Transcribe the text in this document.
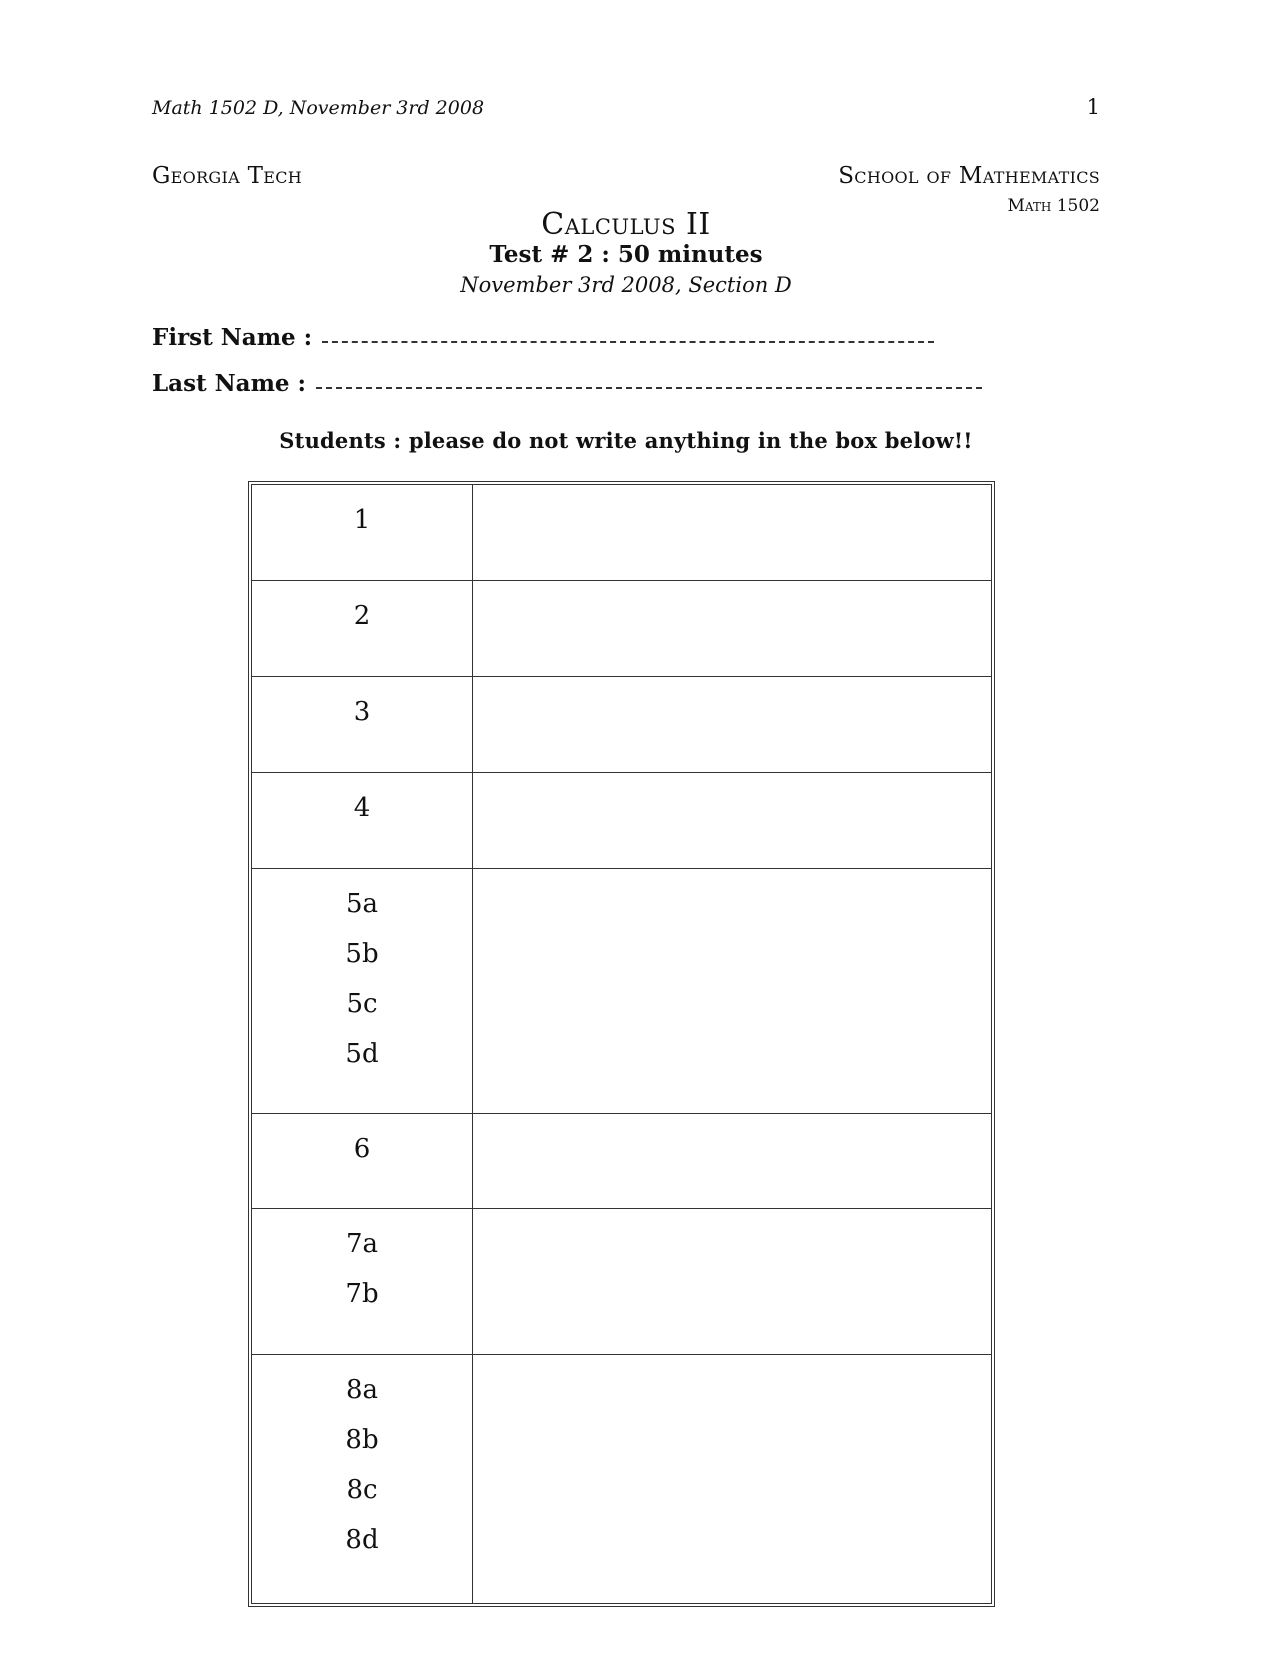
Math 1502 D, November 3rd 2008	1
Georgia Tech	School of Mathematics
Math 1502
Calculus II
Test # 2 : 50 minutes
November 3rd 2008, Section D
First Name :
Last Name :
Students : please do not write anything in the box below!!
1	

2	

3	

4	

5a
5b
5c
5d	

6	

7a
7b	

8a
8b
8c
8d	
